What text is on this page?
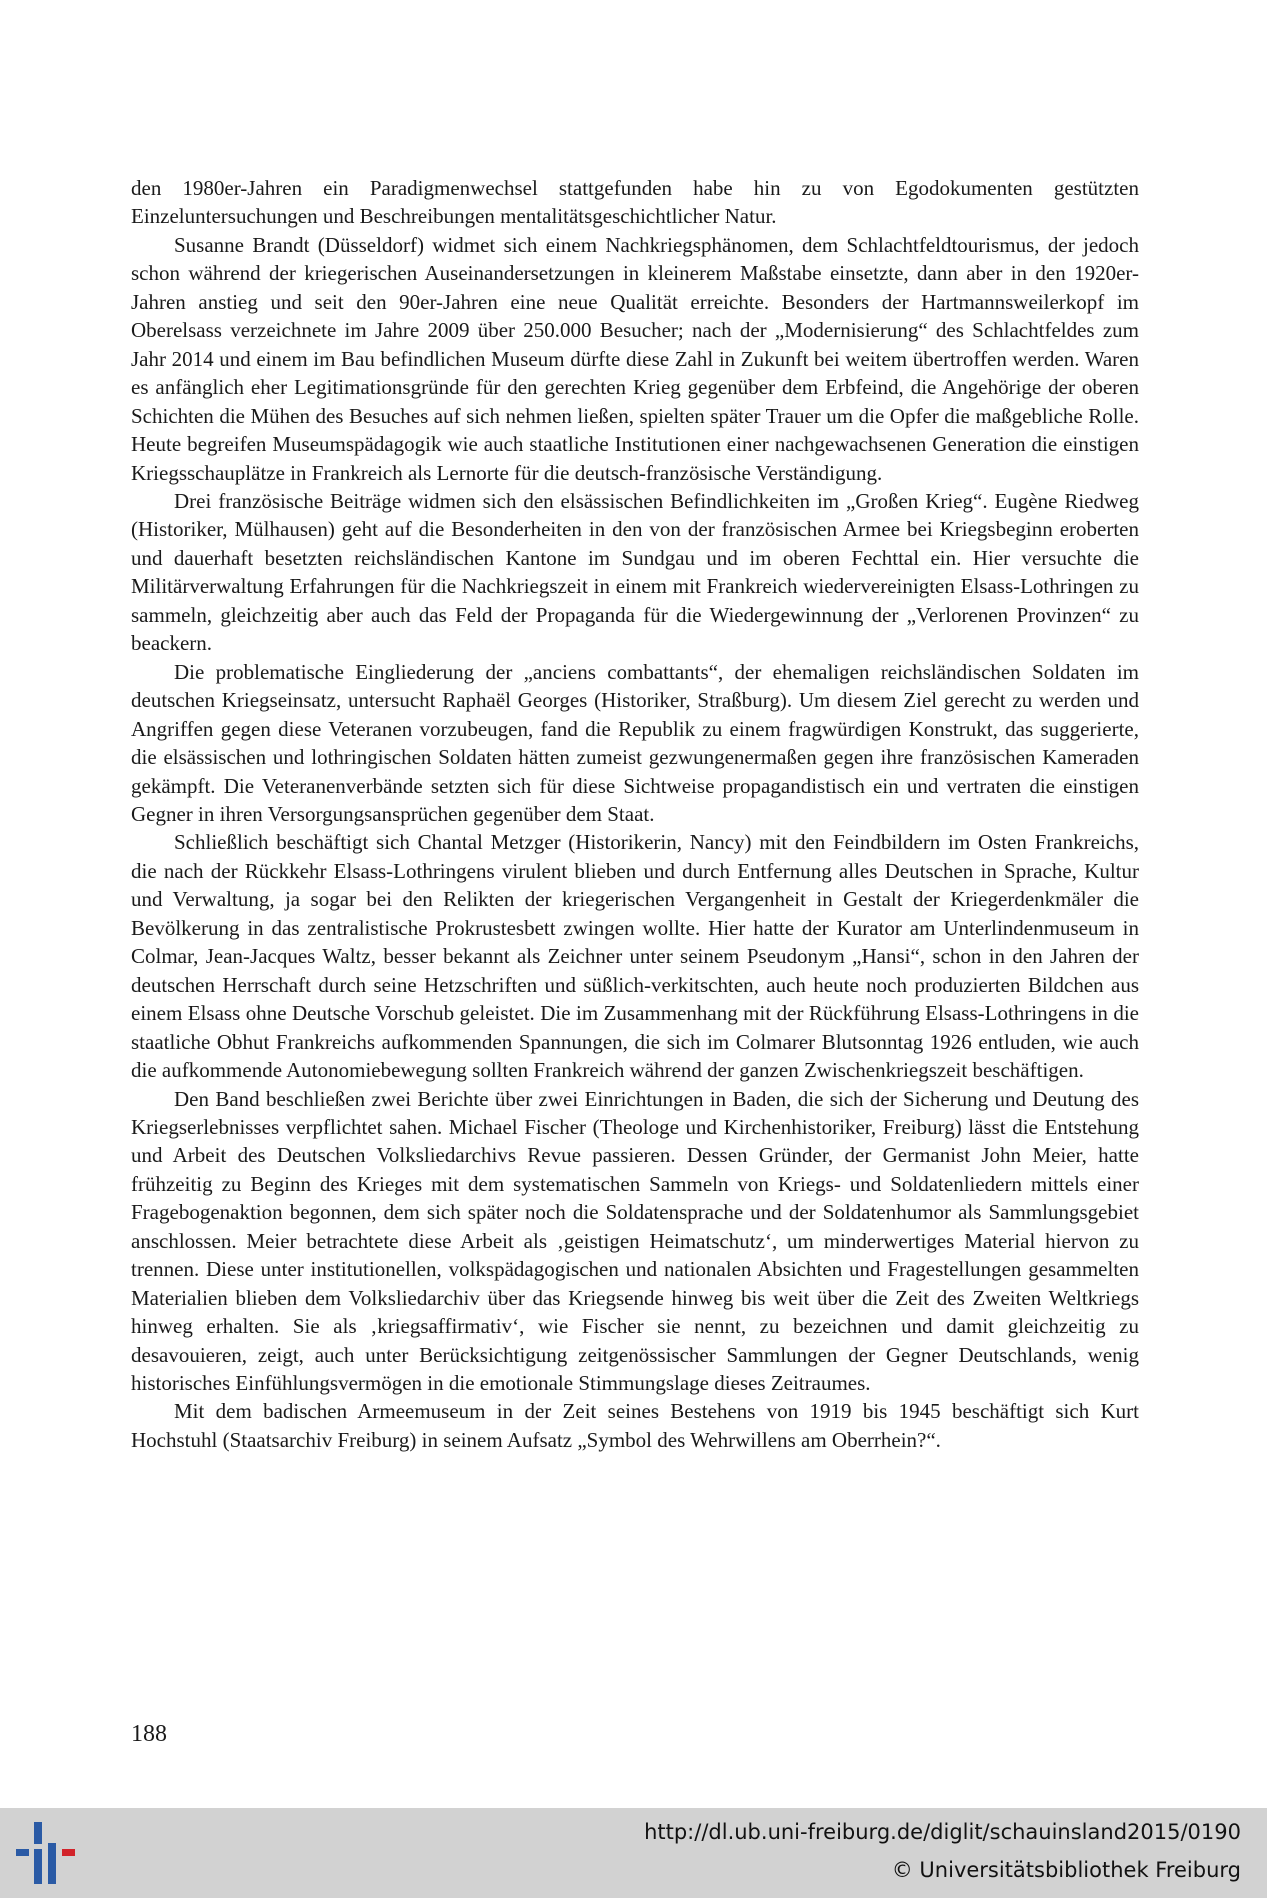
den 1980er-Jahren ein Paradigmenwechsel stattgefunden habe hin zu von Egodokumenten gestützten Einzeluntersuchungen und Beschreibungen mentalitätsgeschichtlicher Natur.

Susanne Brandt (Düsseldorf) widmet sich einem Nachkriegsphänomen, dem Schlachtfeldtourismus, der jedoch schon während der kriegerischen Auseinandersetzungen in kleinerem Maßstabe einsetzte, dann aber in den 1920er-Jahren anstieg und seit den 90er-Jahren eine neue Qualität erreichte. Besonders der Hartmannsweilerkopf im Oberelsass verzeichnete im Jahre 2009 über 250.000 Besucher; nach der „Modernisierung“ des Schlachtfeldes zum Jahr 2014 und einem im Bau befindlichen Museum dürfte diese Zahl in Zukunft bei weitem übertroffen werden. Waren es anfänglich eher Legitimationsgründe für den gerechten Krieg gegenüber dem Erbfeind, die Angehörige der oberen Schichten die Mühen des Besuches auf sich nehmen ließen, spielten später Trauer um die Opfer die maßgebliche Rolle. Heute begreifen Museumspädagogik wie auch staatliche Institutionen einer nachgewachsenen Generation die einstigen Kriegsschauplätze in Frankreich als Lernorte für die deutsch-französische Verständigung.

Drei französische Beiträge widmen sich den elsässischen Befindlichkeiten im „Großen Krieg“. Eugène Riedweg (Historiker, Mülhausen) geht auf die Besonderheiten in den von der französischen Armee bei Kriegsbeginn eroberten und dauerhaft besetzten reichsländischen Kantone im Sundgau und im oberen Fechttal ein. Hier versuchte die Militärverwaltung Erfahrungen für die Nachkriegszeit in einem mit Frankreich wiedervereinigten Elsass-Lothringen zu sammeln, gleichzeitig aber auch das Feld der Propaganda für die Wiedergewinnung der „Verlorenen Provinzen“ zu beackern.

Die problematische Eingliederung der „anciens combattants“, der ehemaligen reichsländischen Soldaten im deutschen Kriegseinsatz, untersucht Raphaël Georges (Historiker, Straßburg). Um diesem Ziel gerecht zu werden und Angriffen gegen diese Veteranen vorzubeugen, fand die Republik zu einem fragwürdigen Konstrukt, das suggerierte, die elsässischen und lothringischen Soldaten hätten zumeist gezwungenermaßen gegen ihre französischen Kameraden gekämpft. Die Veteranenverbände setzten sich für diese Sichtweise propagandistisch ein und vertraten die einstigen Gegner in ihren Versorgungsansprüchen gegenüber dem Staat.

Schließlich beschäftigt sich Chantal Metzger (Historikerin, Nancy) mit den Feindbildern im Osten Frankreichs, die nach der Rückkehr Elsass-Lothringens virulent blieben und durch Entfernung alles Deutschen in Sprache, Kultur und Verwaltung, ja sogar bei den Relikten der kriegerischen Vergangenheit in Gestalt der Kriegerdenkmäler die Bevölkerung in das zentralistische Prokrustesbett zwingen wollte. Hier hatte der Kurator am Unterlindenmuseum in Colmar, Jean-Jacques Waltz, besser bekannt als Zeichner unter seinem Pseudonym „Hansi“, schon in den Jahren der deutschen Herrschaft durch seine Hetzschriften und süßlich-verkitschten, auch heute noch produzierten Bildchen aus einem Elsass ohne Deutsche Vorschub geleistet. Die im Zusammenhang mit der Rückführung Elsass-Lothringens in die staatliche Obhut Frankreichs aufkommenden Spannungen, die sich im Colmarer Blutsonntag 1926 entluden, wie auch die aufkommende Autonomiebewegung sollten Frankreich während der ganzen Zwischenkriegszeit beschäftigen.

Den Band beschließen zwei Berichte über zwei Einrichtungen in Baden, die sich der Sicherung und Deutung des Kriegserlebnisses verpflichtet sahen. Michael Fischer (Theologe und Kirchenhistoriker, Freiburg) lässt die Entstehung und Arbeit des Deutschen Volksliedarchivs Revue passieren. Dessen Gründer, der Germanist John Meier, hatte frühzeitig zu Beginn des Krieges mit dem systematischen Sammeln von Kriegs- und Soldatenliedern mittels einer Fragebogenaktion begonnen, dem sich später noch die Soldatensprache und der Soldatenhumor als Sammlungsgebiet anschlossen. Meier betrachtete diese Arbeit als ‚geistigen Heimatschutz‘, um minderwertiges Material hiervon zu trennen. Diese unter institutionellen, volkspädagogischen und nationalen Absichten und Fragestellungen gesammelten Materialien blieben dem Volksliedarchiv über das Kriegsende hinweg bis weit über die Zeit des Zweiten Weltkriegs hinweg erhalten. Sie als ‚kriegsaffirmativ‘, wie Fischer sie nennt, zu bezeichnen und damit gleichzeitig zu desavouieren, zeigt, auch unter Berücksichtigung zeitgenössischer Sammlungen der Gegner Deutschlands, wenig historisches Einfühlungsvermögen in die emotionale Stimmungslage dieses Zeitraumes.

Mit dem badischen Armeemuseum in der Zeit seines Bestehens von 1919 bis 1945 beschäftigt sich Kurt Hochstuhl (Staatsarchiv Freiburg) in seinem Aufsatz „Symbol des Wehrwillens am Oberrhein?“.

188
http://dl.ub.uni-freiburg.de/diglit/schauinsland2015/0190
© Universitätsbibliothek Freiburg
